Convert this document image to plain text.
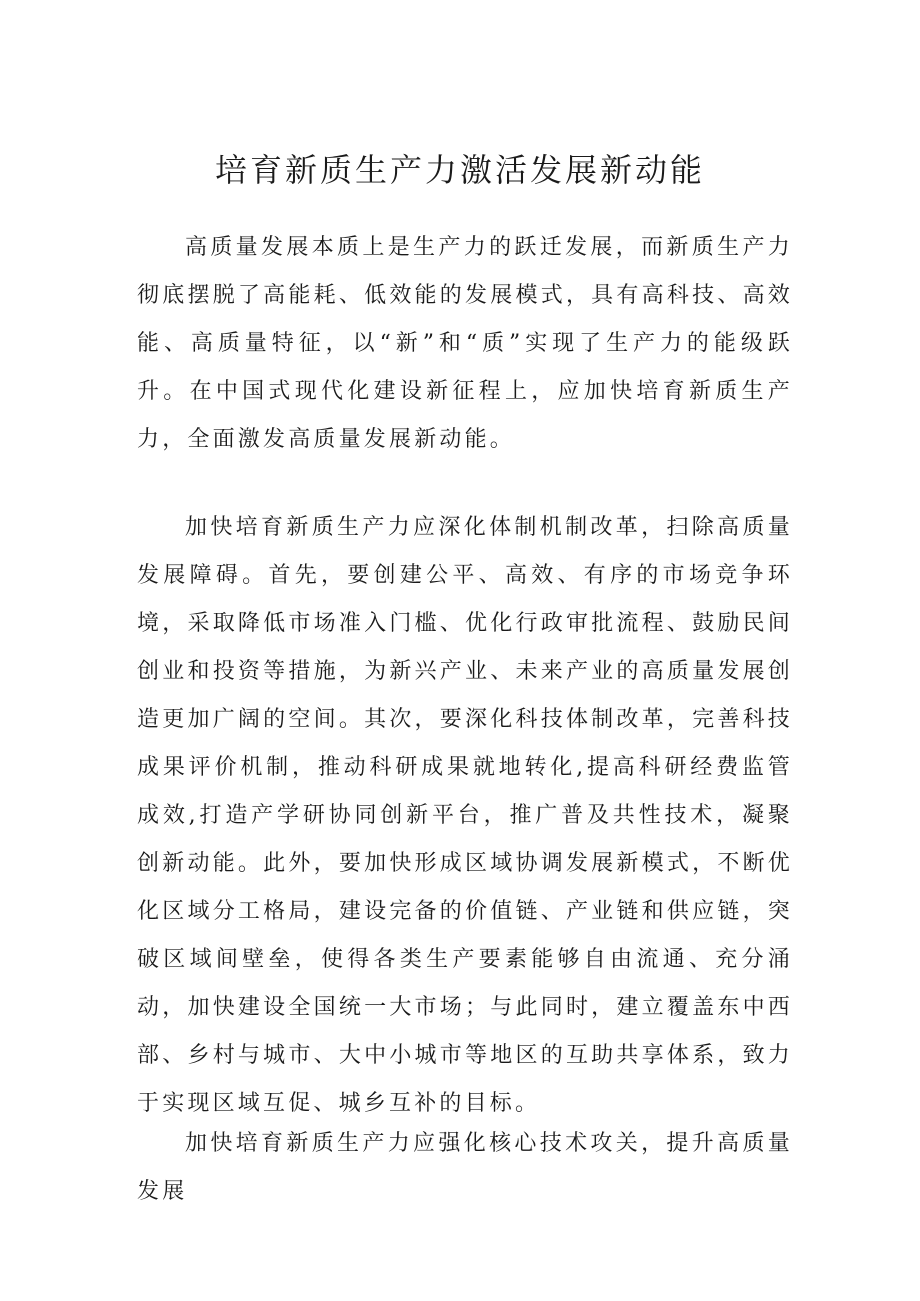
培育新质生产力激活发展新动能

高质量发展本质上是生产力的跃迁发展，而新质生产力彻底摆脱了高能耗、低效能的发展模式，具有高科技、高效能、高质量特征，以“新”和“质”实现了生产力的能级跃升。在中国式现代化建设新征程上，应加快培育新质生产力，全面激发高质量发展新动能。

加快培育新质生产力应深化体制机制改革，扫除高质量发展障碍。首先，要创建公平、高效、有序的市场竞争环境，采取降低市场准入门槛、优化行政审批流程、鼓励民间创业和投资等措施，为新兴产业、未来产业的高质量发展创造更加广阔的空间。其次，要深化科技体制改革，完善科技成果评价机制，推动科研成果就地转化,提高科研经费监管成效,打造产学研协同创新平台，推广普及共性技术，凝聚创新动能。此外，要加快形成区域协调发展新模式，不断优化区域分工格局，建设完备的价值链、产业链和供应链，突破区域间壁垒，使得各类生产要素能够自由流通、充分涌动，加快建设全国统一大市场；与此同时，建立覆盖东中西部、乡村与城市、大中小城市等地区的互助共享体系，致力于实现区域互促、城乡互补的目标。

加快培育新质生产力应强化核心技术攻关，提升高质量发展
